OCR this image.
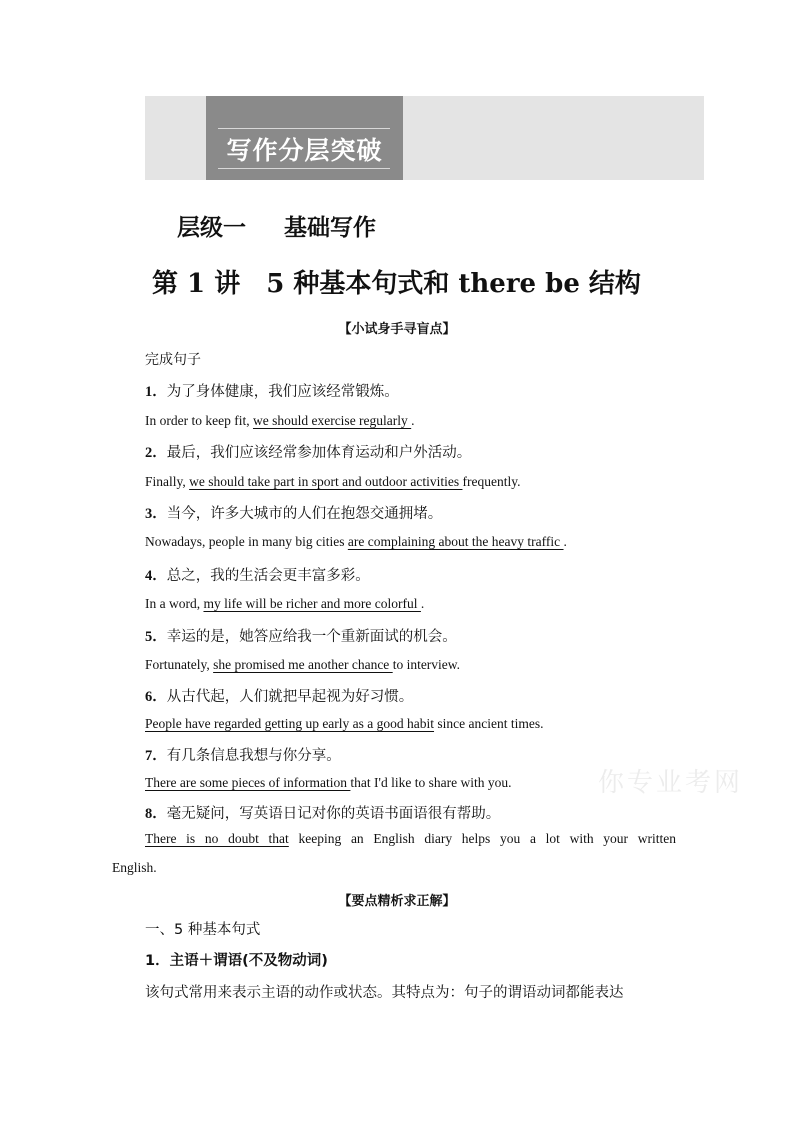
写作分层突破
层级一 基础写作
第 1 讲　5 种基本句式和 there be 结构
【小试身手寻盲点】
完成句子
1．为了身体健康，我们应该经常锻炼。
In order to keep fit, we should exercise regularly .
2．最后，我们应该经常参加体育运动和户外活动。
Finally, we should take part in sport and outdoor activities frequently.
3．当今，许多大城市的人们在抱怨交通拥堵。
Nowadays, people in many big cities are complaining about the heavy traffic .
4．总之，我的生活会更丰富多彩。
In a word, my life will be richer and more colorful .
5．幸运的是，她答应给我一个重新面试的机会。
Fortunately, she promised me another chance to interview.
6．从古代起，人们就把早起视为好习惯。
People have regarded getting up early as a good habit since ancient times.
7．有几条信息我想与你分享。
There are some pieces of information that I'd like to share with you.	你专业考网
8．毫无疑问，写英语日记对你的英语书面语很有帮助。
There is no doubt that keeping an English diary helps you a lot with your written
English.
【要点精析求正解】
一、5 种基本句式
1．主语＋谓语(不及物动词)
该句式常用来表示主语的动作或状态。其特点为：句子的谓语动词都能表达
